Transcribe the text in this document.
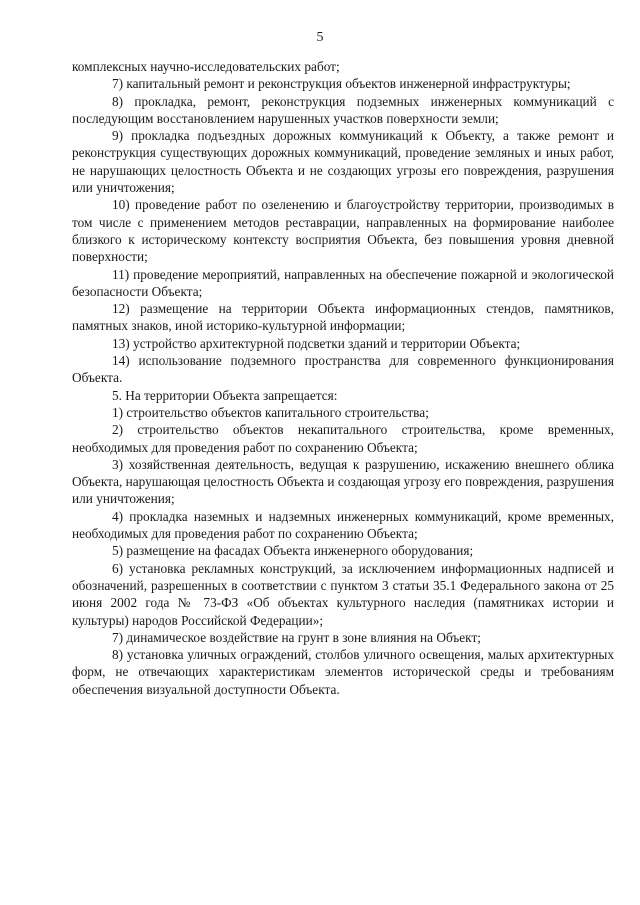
5

комплексных научно-исследовательских работ;

7) капитальный ремонт и реконструкция объектов инженерной инфраструктуры;

8) прокладка, ремонт, реконструкция подземных инженерных коммуникаций с последующим восстановлением нарушенных участков поверхности земли;

9) прокладка подъездных дорожных коммуникаций к Объекту, а также ремонт и реконструкция существующих дорожных коммуникаций, проведение земляных и иных работ, не нарушающих целостность Объекта и не создающих угрозы его повреждения, разрушения или уничтожения;

10) проведение работ по озеленению и благоустройству территории, производимых в том числе с применением методов реставрации, направленных на формирование наиболее близкого к историческому контексту восприятия Объекта, без повышения уровня дневной поверхности;

11) проведение мероприятий, направленных на обеспечение пожарной и экологической безопасности Объекта;

12) размещение на территории Объекта информационных стендов, памятников, памятных знаков, иной историко-культурной информации;

13) устройство архитектурной подсветки зданий и территории Объекта;

14) использование подземного пространства для современного функционирования Объекта.

5. На территории Объекта запрещается:

1) строительство объектов капитального строительства;

2) строительство объектов некапитального строительства, кроме временных, необходимых для проведения работ по сохранению Объекта;

3) хозяйственная деятельность, ведущая к разрушению, искажению внешнего облика Объекта, нарушающая целостность Объекта и создающая угрозу его повреждения, разрушения или уничтожения;

4) прокладка наземных и надземных инженерных коммуникаций, кроме временных, необходимых для проведения работ по сохранению Объекта;

5) размещение на фасадах Объекта инженерного оборудования;

6) установка рекламных конструкций, за исключением информационных надписей и обозначений, разрешенных в соответствии с пунктом 3 статьи 35.1 Федерального закона от 25 июня 2002 года № 73-ФЗ «Об объектах культурного наследия (памятниках истории и культуры) народов Российской Федерации»;

7) динамическое воздействие на грунт в зоне влияния на Объект;

8) установка уличных ограждений, столбов уличного освещения, малых архитектурных форм, не отвечающих характеристикам элементов исторической среды и требованиям обеспечения визуальной доступности Объекта.
